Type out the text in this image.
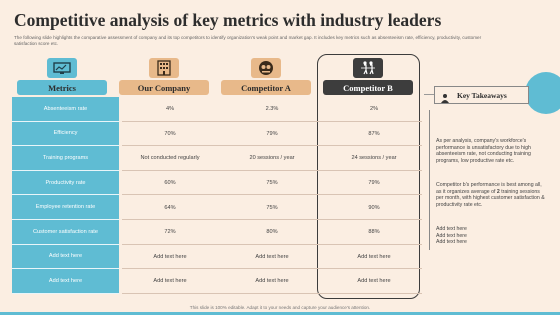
Competitive analysis of key metrics with industry leaders
The following slide highlights the comparative assessment of company and its top competitors to identify organization's weak point and market gap. It includes key metrics such as absenteeism rate, efficiency, productivity, customer satisfaction score etc.
Metrics	Our Company	Competitor A	Competitor B
Absenteeism rate	4%	2.3%	2%
Efficiency	70%	79%	87%
Training programs	Not conducted regularly	20 sessions / year	24 sessions / year
Productivity rate	60%	75%	79%
Employee retention rate	64%	75%	90%
Customer satisfaction rate	72%	80%	88%
Add text here	Add text here	Add text here	Add text here
Add text here	Add text here	Add text here	Add text here
Key Takeaways
As per analysis, company's workforce's performance is unsatisfactory due to high absenteeism rate, not conducting training programs, low productive rate etc.
Competitor b's performance is best among all, as it organizes average of 2 training sessions per month, with highest customer satisfaction & productivity rate etc.
Add text here
Add text here
Add text here
This slide is 100% editable. Adapt it to your needs and capture your audience's attention.
